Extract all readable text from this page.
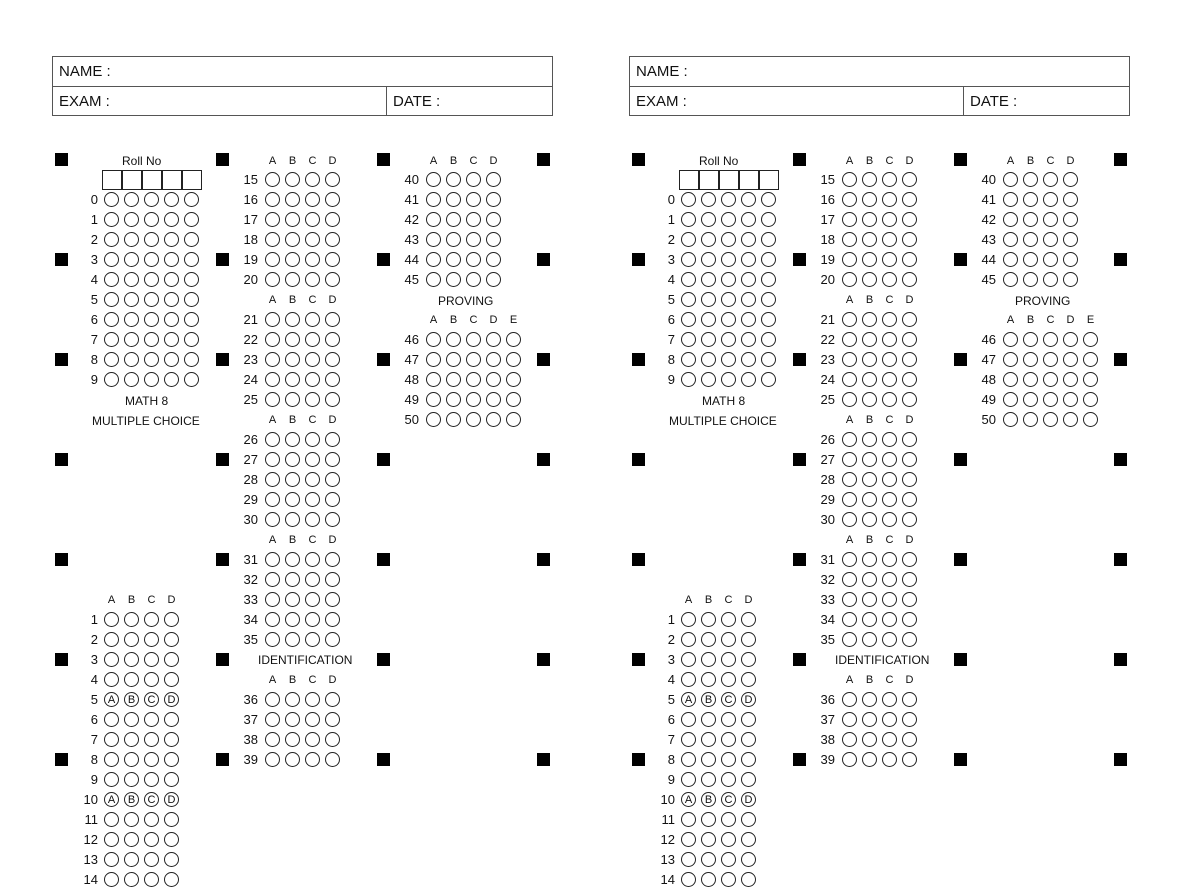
NAME :
EXAM :	DATE :
Roll No
0
1
2
3
4
5
6
7
8
9
MATH 8
MULTIPLE CHOICE
A	B	C	D
1
2
3
4
5 A	B	C	D
6
7
8
9
10 A	B	C	D
11
12
13
14
A	B	C	D
15
16
17
18
19
20
A	B	C	D
21
22
23
24
25
A	B	C	D
26
27
28
29
30
A	B	C	D
31
32
33
34
35
IDENTIFICATION
A	B	C	D
36
37
38
39
A	B	C	D
40
41
42
43
44
45
PROVING
A	B	C	D	E
46
47
48
49
50
NAME :
EXAM :	DATE :
Roll No
0
1
2
3
4
5
6
7
8
9
MATH 8
MULTIPLE CHOICE
A	B	C	D
1
2
3
4
5 A	B	C	D
6
7
8
9
10 A	B	C	D
11
12
13
14
A	B	C	D
15
16
17
18
19
20
A	B	C	D
21
22
23
24
25
A	B	C	D
26
27
28
29
30
A	B	C	D
31
32
33
34
35
IDENTIFICATION
A	B	C	D
36
37
38
39
A	B	C	D
40
41
42
43
44
45
PROVING
A	B	C	D	E
46
47
48
49
50
